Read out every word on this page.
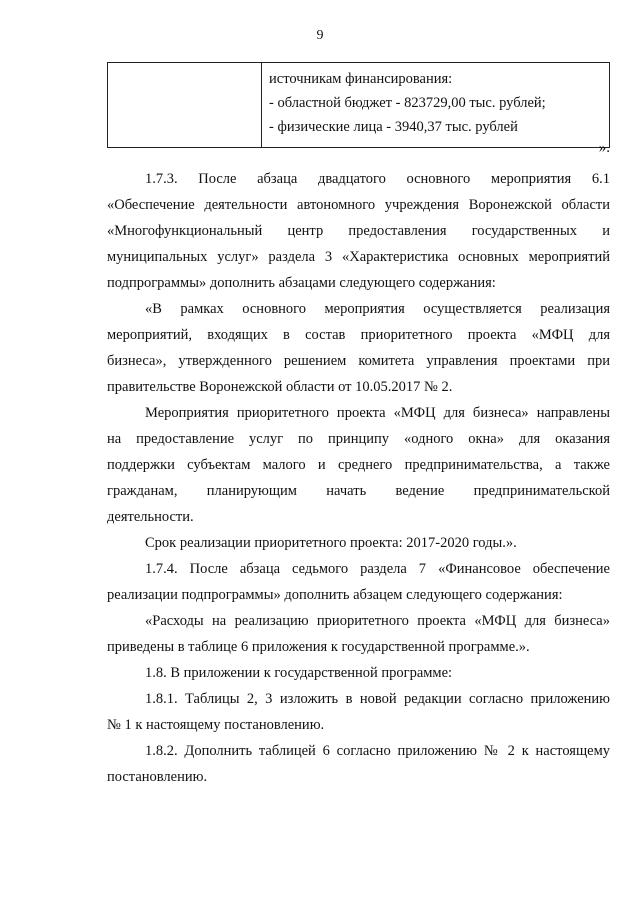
9

источникам финансирования:
- областной бюджет - 823729,00 тыс. рублей;
- физические лица - 3940,37 тыс. рублей
».
1.7.3. После абзаца двадцатого основного мероприятия 6.1
«Обеспечение деятельности автономного учреждения Воронежской области
«Многофункциональный центр предоставления государственных и
муниципальных услуг» раздела 3 «Характеристика основных мероприятий
подпрограммы» дополнить абзацами следующего содержания:
«В рамках основного мероприятия осуществляется реализация
мероприятий, входящих в состав приоритетного проекта «МФЦ для
бизнеса», утвержденного решением комитета управления проектами при
правительстве Воронежской области от 10.05.2017 № 2.
Мероприятия приоритетного проекта «МФЦ для бизнеса» направлены
на предоставление услуг по принципу «одного окна» для оказания
поддержки субъектам малого и среднего предпринимательства, а также
гражданам, планирующим начать ведение предпринимательской
деятельности.
Срок реализации приоритетного проекта: 2017-2020 годы.».
1.7.4. После абзаца седьмого раздела 7 «Финансовое обеспечение
реализации подпрограммы» дополнить абзацем следующего содержания:
«Расходы на реализацию приоритетного проекта «МФЦ для бизнеса»
приведены в таблице 6 приложения к государственной программе.».
1.8. В приложении к государственной программе:
1.8.1. Таблицы 2, 3 изложить в новой редакции согласно приложению
№ 1 к настоящему постановлению.
1.8.2. Дополнить таблицей 6 согласно приложению № 2 к настоящему
постановлению.
